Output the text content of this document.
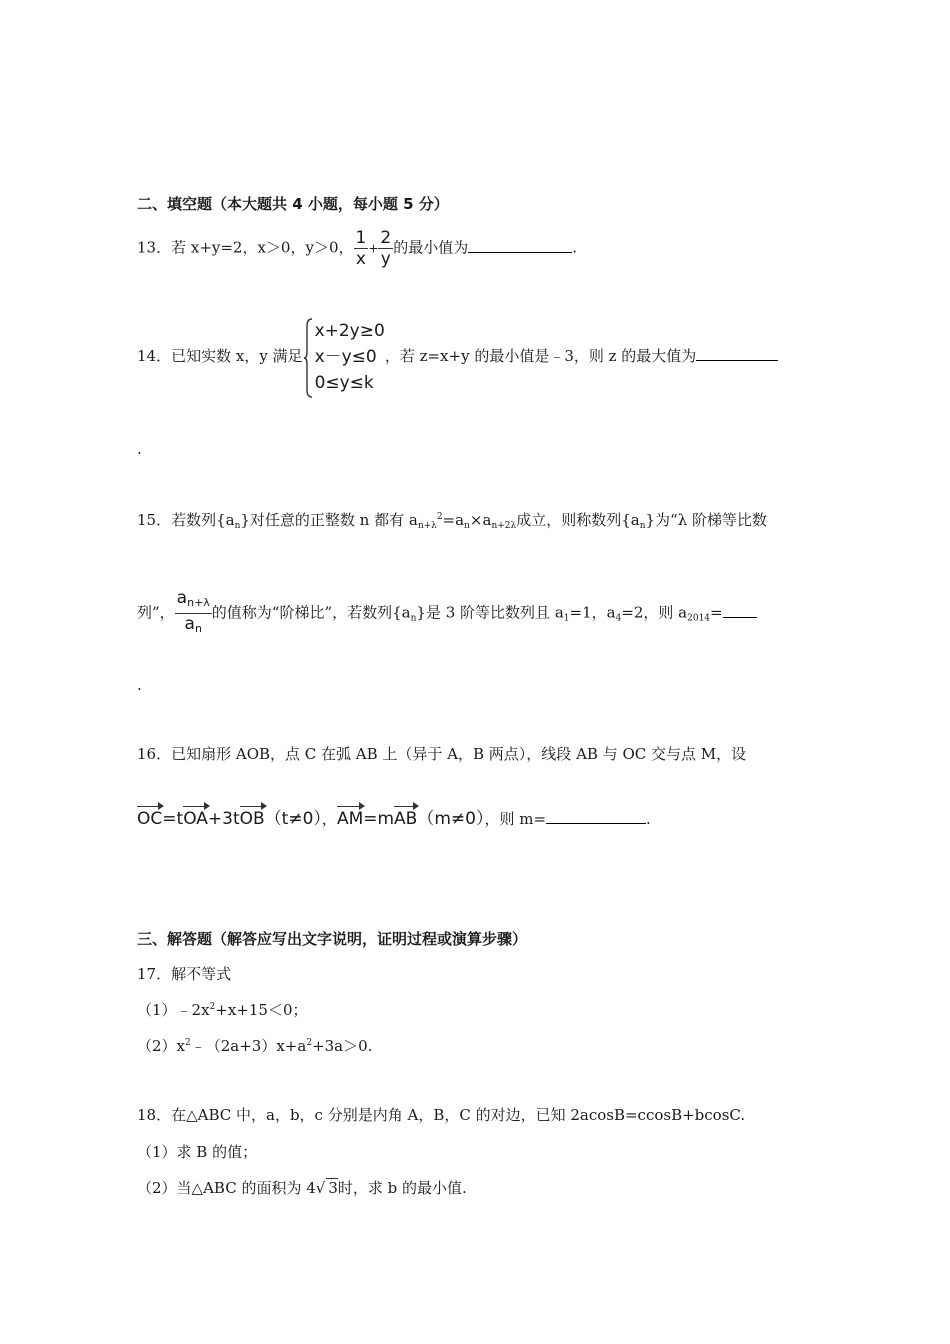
二、填空题（本大题共 4 小题，每小题 5 分）
13．若 x+y=2，x＞0，y＞0， $\frac{1}{x} + \frac{2}{y}$ 的最小值为	.
14．已知实数 x，y 满足
x+2y≥0
x－y≤0
0≤y≤k
，若 z=x+y 的最小值是﹣3，则 z 的最大值为
.
15．若数列$\{a_n\}$对任意的正整数 n 都有 $a_{n+\lambda}^2=a_n\times a_{n+2\lambda}$成立，则称数列$\{a_n\}$为“λ 阶梯等比数
列”， $\frac{a_{n+\lambda}}{a_n}$ 的值称为“阶梯比”，若数列$\{a_n\}$是 3 阶等比数列且 $a_1=1$，$a_4=2$，则 $a_{2014}=$
.
16．已知扇形 AOB，点 C 在弧 AB 上（异于 A，B 两点），线段 AB 与 OC 交与点 M，设
OC=tOA+3tOB（t≠0），AM=mAB（m≠0），则 m=	.
三、解答题（解答应写出文字说明，证明过程或演算步骤）
17．解不等式
$(1)﹣2x^2+x+15<0$；
$(2)x^2﹣(2a+3)x+a^2+3a>0$.
18．在△ABC 中，a，b，c 分别是内角 A，B，C 的对边，已知 2acosB=ccosB+bcosC.
（1）求 B 的值；
（2）当△ABC 的面积为 4√ 3时，求 b 的最小值.
